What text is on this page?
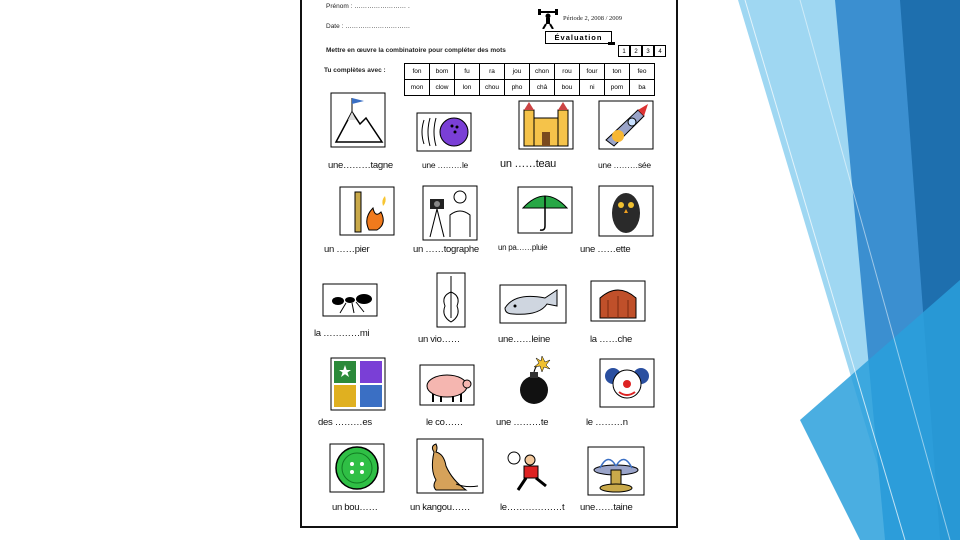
Prénom : …………………… .
Date : …………………………
Période 2, 2008 / 2009
Évaluation
Mettre en œuvre la combinatoire pour compléter des mots	1	2	3	4
Tu complètes avec :	fon	bom	fu	ra	jou	chon	rou	four	ton	feo
mon	clow	lon	chou	pho	châ	bou	ni	pom	ba
une………tagne	une ………le	un ……teau	une ………sée
un ……pier	un ……tographe un pa……pluie	une ……ette
la …………mi
un vio……	une……leine	la ……che
des ………es	le co……	une ………te	le ………n
un bou……	un kangou……	le………………t une……taine
